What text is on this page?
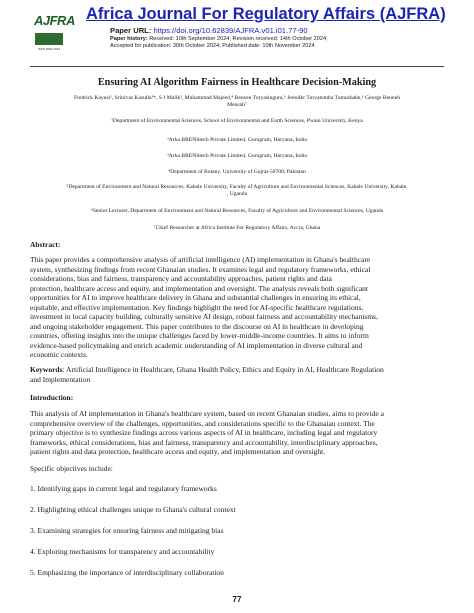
AJFRA
ISSN 2582-4643
Africa Journal For Regulatory Affairs (AJFRA)
Paper URL: https://doi.org/10.62839/AJFRA.v01.i01.77-90
Paper history: Received: 10th September 2024; Revision received: 14th October 2024;
Accepted for publication: 30th October 2024; Published date: 10th November 2024
Ensuring AI Algorithm Fairness in Healthcare Decision-Making
Fredrick Kayusi¹, Srinivas Kasulla²*, S J Malik³, Muhammad Majeed,⁴ Benson Turyasingura,⁵ Jennifer Turyatemba Tumushabe,⁶ George Benneh
Mensah⁷
¹Department of Environmental Sciences, School of Environmental and Earth Sciences, Pwani University, Kenya
²Arka BRENStech Private Limited, Gurugram, Haryana, India
³Arka BRENStech Private Limited, Gurugram, Haryana, India
⁴Department of Botany, University of Gujrat-50700; Pakistan
⁵Department of Environment and Natural Resources, Kabale University, Faculty of Agriculture and Environmental Sciences, Kabale University, Kabale,
, Uganda
⁶Senior Lecturer, Department of Environment and Natural Resources, Faculty of Agriculture and Environmental Sciences, Uganda
⁷Chief Researcher at Africa Institute For Regulatory Affairs, Accra, Ghana
Abstract:
This paper provides a comprehensive analysis of artificial intelligence (AI) implementation in Ghana's healthcare
system, synthesizing findings from recent Ghanaian studies. It examines legal and regulatory frameworks, ethical
considerations, bias and fairness, transparency and accountability approaches, patient rights and data
protection, healthcare access and equity, and implementation and oversight. The analysis reveals both significant
opportunities for AI to improve healthcare delivery in Ghana and substantial challenges in ensuring its ethical,
equitable, and effective implementation. Key findings highlight the need for AI-specific healthcare regulations,
investment in local capacity building, culturally sensitive AI design, robust fairness and accountability mechanisms,
and ongoing stakeholder engagement. This paper contributes to the discourse on AI in healthcare in developing
countries, offering insights into the unique challenges faced by lower-middle-income countries. It aims to inform
evidence-based policymaking and enrich academic understanding of AI implementation in diverse cultural and
economic contexts.
Keywords: Artificial Intelligence in Healthcare, Ghana Health Policy, Ethics and Equity in AI, Healthcare Regulation
and Implementation
Introduction:
This analysis of AI implementation in Ghana's healthcare system, based on recent Ghanaian studies, aims to provide a
comprehensive overview of the challenges, opportunities, and considerations specific to the Ghanaian context. The
primary objective is to synthesize findings across various aspects of AI in healthcare, including legal and regulatory
frameworks, ethical considerations, bias and fairness, transparency and accountability, interdisciplinary approaches,
patient rights and data protection, healthcare access and equity, and implementation and oversight.
Specific objectives include:
1. Identifying gaps in current legal and regulatory frameworks
2. Highlighting ethical challenges unique to Ghana's cultural context
3. Examining strategies for ensuring fairness and mitigating bias
4. Exploring mechanisms for transparency and accountability
5. Emphasizing the importance of interdisciplinary collaboration
77
